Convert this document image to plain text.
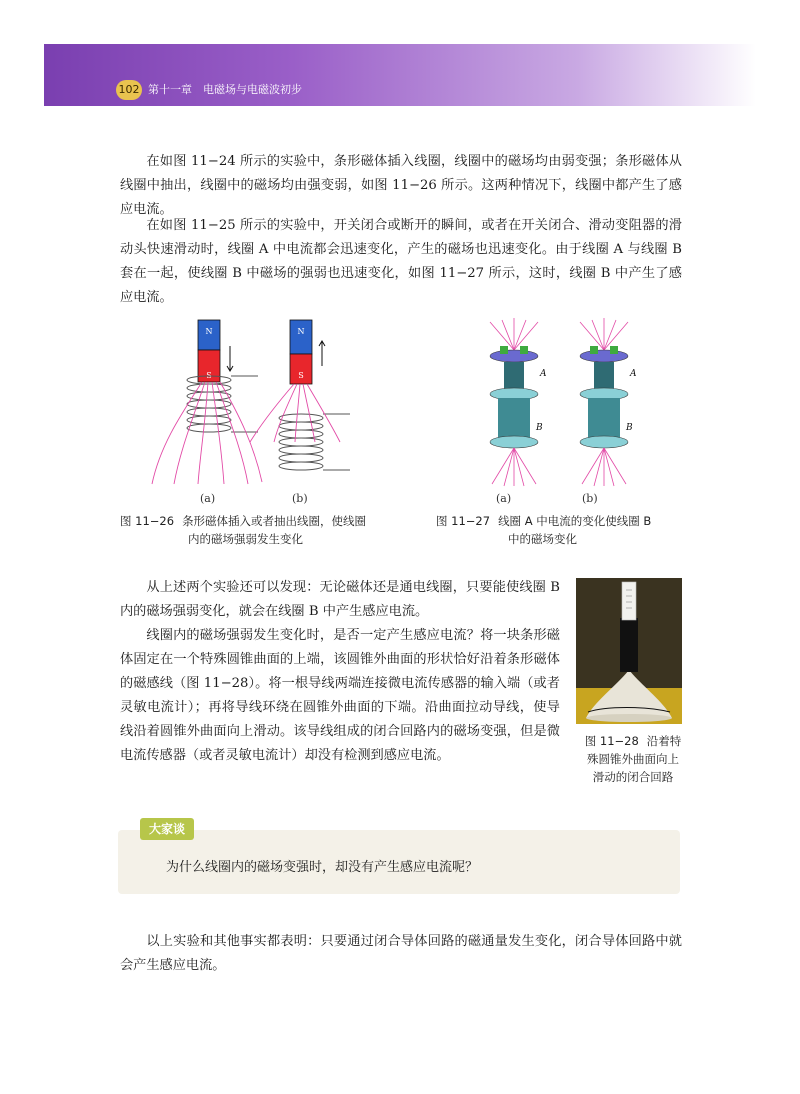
102 第十一章　电磁场与电磁波初步

在如图 11−24 所示的实验中，条形磁体插入线圈，线圈中的磁场均由弱变强；条形磁体从线圈中抽出，线圈中的磁场均由强变弱，如图 11−26 所示。这两种情况下，线圈中都产生了感应电流。

在如图 11−25 所示的实验中，开关闭合或断开的瞬间，或者在开关闭合、滑动变阻器的滑动头快速滑动时，线圈 A 中电流都会迅速变化，产生的磁场也迅速变化。由于线圈 A 与线圈 B 套在一起，使线圈 B 中磁场的强弱也迅速变化，如图 11−27 所示，这时，线圈 B 中产生了感应电流。

N
S
N
S
(a)	(b)
图 11−26 条形磁体插入或者抽出线圈，使线圈
内的磁场强弱发生变化
A
B
A
B
(a)	(b)
图 11−27 线圈 A 中电流的变化使线圈 B
中的磁场变化

从上述两个实验还可以发现：无论磁体还是通电线圈，只要能使线圈 B 内的磁场强弱变化，就会在线圈 B 中产生感应电流。

线圈内的磁场强弱发生变化时，是否一定产生感应电流？将一块条形磁体固定在一个特殊圆锥曲面的上端，该圆锥外曲面的形状恰好沿着条形磁体的磁感线（图 11−28）。将一根导线两端连接微电流传感器的输入端（或者灵敏电流计）；再将导线环绕在圆锥外曲面的下端。沿曲面拉动导线，使导线沿着圆锥外曲面向上滑动。该导线组成的闭合回路内的磁场变强，但是微电流传感器（或者灵敏电流计）却没有检测到感应电流。

图 11−28 沿着特
殊圆锥外曲面向上
滑动的闭合回路
大家谈
为什么线圈内的磁场变强时，却没有产生感应电流呢？

以上实验和其他事实都表明：只要通过闭合导体回路的磁通量发生变化，闭合导体回路中就会产生感应电流。
